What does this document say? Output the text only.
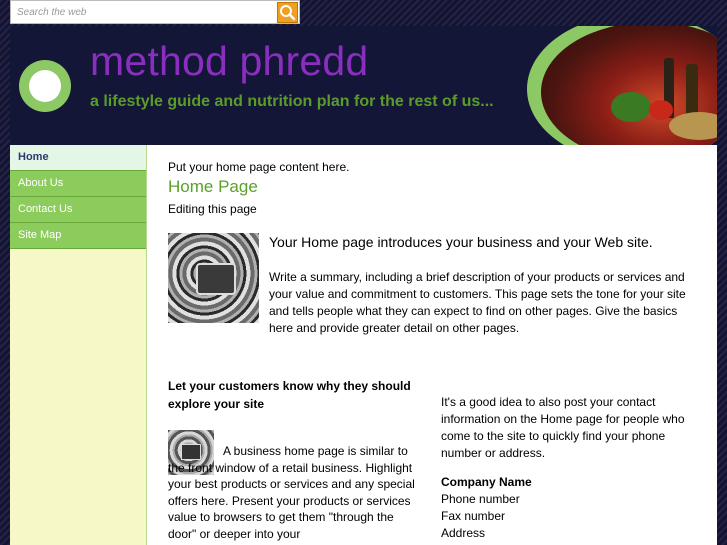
Search the web
method phredd
a lifestyle guide and nutrition plan for the rest of us...
Home
About Us
Contact Us
Site Map
Put your home page content here.
Home Page
Editing this page
Your Home page introduces your business and your Web site.
Write a summary, including a brief description of your products or services and your value and commitment to customers. This page sets the tone for your site and tells people what they can expect to find on other pages. Give the basics here and provide greater detail on other pages.
Let your customers know why they should explore your site
A business home page is similar to the front window of a retail business. Highlight your best products or services and any special offers here. Present your products or services value to browsers to get them "through the door" or deeper into your
It's a good idea to also post your contact information on the Home page for people who come to the site to quickly find your phone number or address.
Company Name
Phone number
Fax number
Address
